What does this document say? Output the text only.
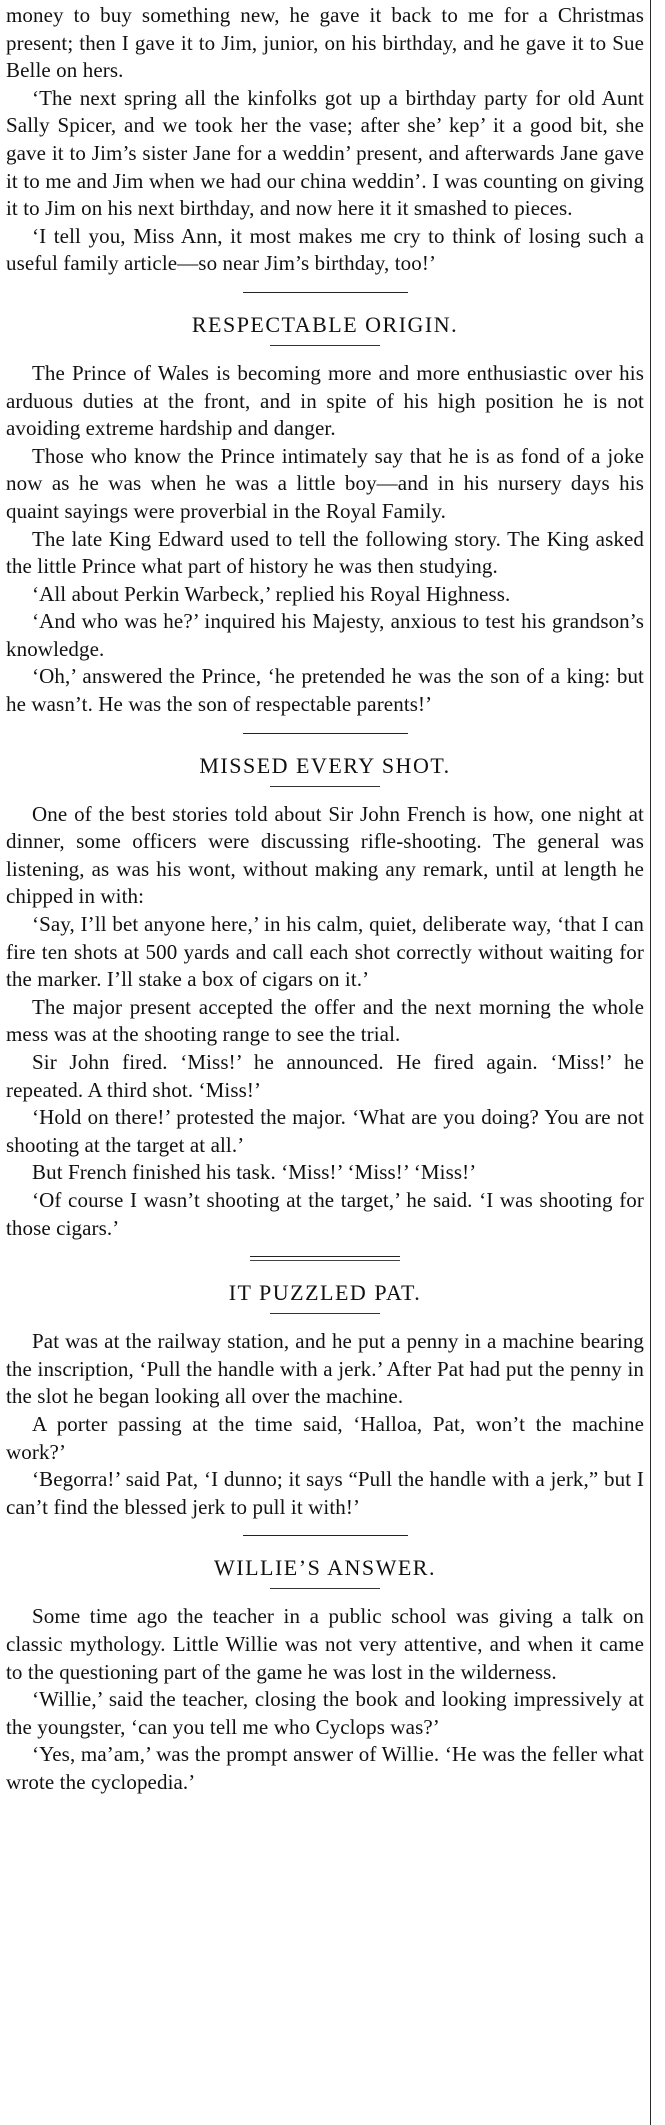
money to buy something new, he gave it back to me for a Christmas present; then I gave it to Jim, junior, on his birthday, and he gave it to Sue Belle on hers.

‘The next spring all the kinfolks got up a birthday party for old Aunt Sally Spicer, and we took her the vase; after she’ kep’ it a good bit, she gave it to Jim’s sister Jane for a weddin’ present, and afterwards Jane gave it to me and Jim when we had our china weddin’. I was counting on giving it to Jim on his next birthday, and now here it it smashed to pieces.

‘I tell you, Miss Ann, it most makes me cry to think of losing such a useful family article—so near Jim’s birthday, too!’

RESPECTABLE ORIGIN.

The Prince of Wales is becoming more and more enthusiastic over his arduous duties at the front, and in spite of his high position he is not avoiding extreme hardship and danger.

Those who know the Prince intimately say that he is as fond of a joke now as he was when he was a little boy—and in his nursery days his quaint sayings were proverbial in the Royal Family.

The late King Edward used to tell the following story. The King asked the little Prince what part of history he was then studying.

‘All about Perkin Warbeck,’ replied his Royal Highness.

‘And who was he?’ inquired his Majesty, anxious to test his grandson’s knowledge.

‘Oh,’ answered the Prince, ‘he pretended he was the son of a king: but he wasn’t. He was the son of respectable parents!’

MISSED EVERY SHOT.

One of the best stories told about Sir John French is how, one night at dinner, some officers were discussing rifle-shooting. The general was listening, as was his wont, without making any remark, until at length he chipped in with:

‘Say, I’ll bet anyone here,’ in his calm, quiet, deliberate way, ‘that I can fire ten shots at 500 yards and call each shot correctly without waiting for the marker. I’ll stake a box of cigars on it.’

The major present accepted the offer and the next morning the whole mess was at the shooting range to see the trial.

Sir John fired. ‘Miss!’ he announced. He fired again. ‘Miss!’ he repeated. A third shot. ‘Miss!’

‘Hold on there!’ protested the major. ‘What are you doing? You are not shooting at the target at all.’

But French finished his task. ‘Miss!’ ‘Miss!’ ‘Miss!’

‘Of course I wasn’t shooting at the target,’ he said. ‘I was shooting for those cigars.’

IT PUZZLED PAT.

Pat was at the railway station, and he put a penny in a machine bearing the inscription, ‘Pull the handle with a jerk.’ After Pat had put the penny in the slot he began looking all over the machine.

A porter passing at the time said, ‘Halloa, Pat, won’t the machine work?’

‘Begorra!’ said Pat, ‘I dunno; it says “Pull the handle with a jerk,” but I can’t find the blessed jerk to pull it with!’

WILLIE’S ANSWER.

Some time ago the teacher in a public school was giving a talk on classic mythology. Little Willie was not very attentive, and when it came to the questioning part of the game he was lost in the wilderness.

‘Willie,’ said the teacher, closing the book and looking impressively at the youngster, ‘can you tell me who Cyclops was?’

‘Yes, ma’am,’ was the prompt answer of Willie. ‘He was the feller what wrote the cyclopedia.’
